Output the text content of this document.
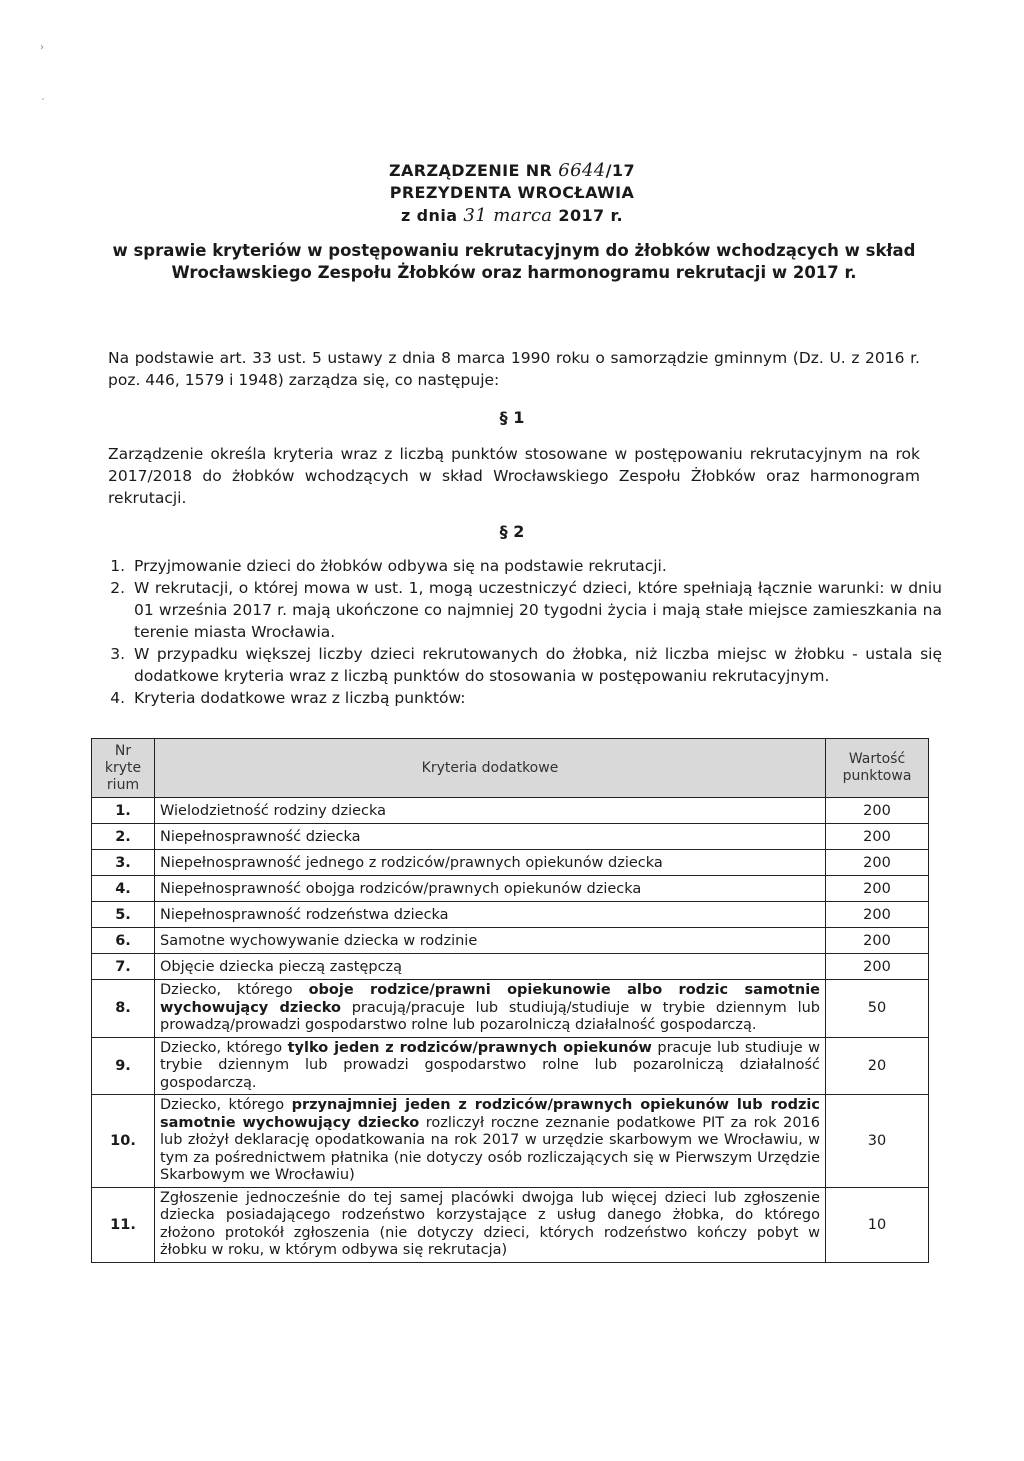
›
ˊ
ZARZĄDZENIE NR 6644/17
PREZYDENTA WROCŁAWIA
z dnia 31 marca 2017 r.
w sprawie kryteriów w postępowaniu rekrutacyjnym do żłobków wchodzących w skład Wrocławskiego Zespołu Żłobków oraz harmonogramu rekrutacji w 2017 r.
Na podstawie art. 33 ust. 5 ustawy z dnia 8 marca 1990 roku o samorządzie gminnym (Dz. U. z 2016 r. poz. 446, 1579 i 1948) zarządza się, co następuje:
§ 1
Zarządzenie określa kryteria wraz z liczbą punktów stosowane w postępowaniu rekrutacyjnym na rok 2017/2018 do żłobków wchodzących w skład Wrocławskiego Zespołu Żłobków oraz harmonogram rekrutacji.
§ 2
1. Przyjmowanie dzieci do żłobków odbywa się na podstawie rekrutacji.
2. W rekrutacji, o której mowa w ust. 1, mogą uczestniczyć dzieci, które spełniają łącznie warunki: w dniu 01 września 2017 r. mają ukończone co najmniej 20 tygodni życia i mają stałe miejsce zamieszkania na terenie miasta Wrocławia.
3. W przypadku większej liczby dzieci rekrutowanych do żłobka, niż liczba miejsc w żłobku - ustala się dodatkowe kryteria wraz z liczbą punktów do stosowania w postępowaniu rekrutacyjnym.
4. Kryteria dodatkowe wraz z liczbą punktów:
Nr kryte rium	Kryteria dodatkowe	Wartość punktowa
1.	Wielodzietność rodziny dziecka	200
2.	Niepełnosprawność dziecka	200
3.	Niepełnosprawność jednego z rodziców/prawnych opiekunów dziecka	200
4.	Niepełnosprawność obojga rodziców/prawnych opiekunów dziecka	200
5.	Niepełnosprawność rodzeństwa dziecka	200
6.	Samotne wychowywanie dziecka w rodzinie	200
7.	Objęcie dziecka pieczą zastępczą	200
8.	Dziecko, którego oboje rodzice/prawni opiekunowie albo rodzic samotnie wychowujący dziecko pracują/pracuje lub studiują/studiuje w trybie dziennym lub prowadzą/prowadzi gospodarstwo rolne lub pozarolniczą działalność gospodarczą.	50
9.	Dziecko, którego tylko jeden z rodziców/prawnych opiekunów pracuje lub studiuje w trybie dziennym lub prowadzi gospodarstwo rolne lub pozarolniczą działalność gospodarczą.	20
10.	Dziecko, którego przynajmniej jeden z rodziców/prawnych opiekunów lub rodzic samotnie wychowujący dziecko rozliczył roczne zeznanie podatkowe PIT za rok 2016 lub złożył deklarację opodatkowania na rok 2017 w urzędzie skarbowym we Wrocławiu, w tym za pośrednictwem płatnika (nie dotyczy osób rozliczających się w Pierwszym Urzędzie Skarbowym we Wrocławiu)	30
11.	Zgłoszenie jednocześnie do tej samej placówki dwojga lub więcej dzieci lub zgłoszenie dziecka posiadającego rodzeństwo korzystające z usług danego żłobka, do którego złożono protokół zgłoszenia (nie dotyczy dzieci, których rodzeństwo kończy pobyt w żłobku w roku, w którym odbywa się rekrutacja)	10
